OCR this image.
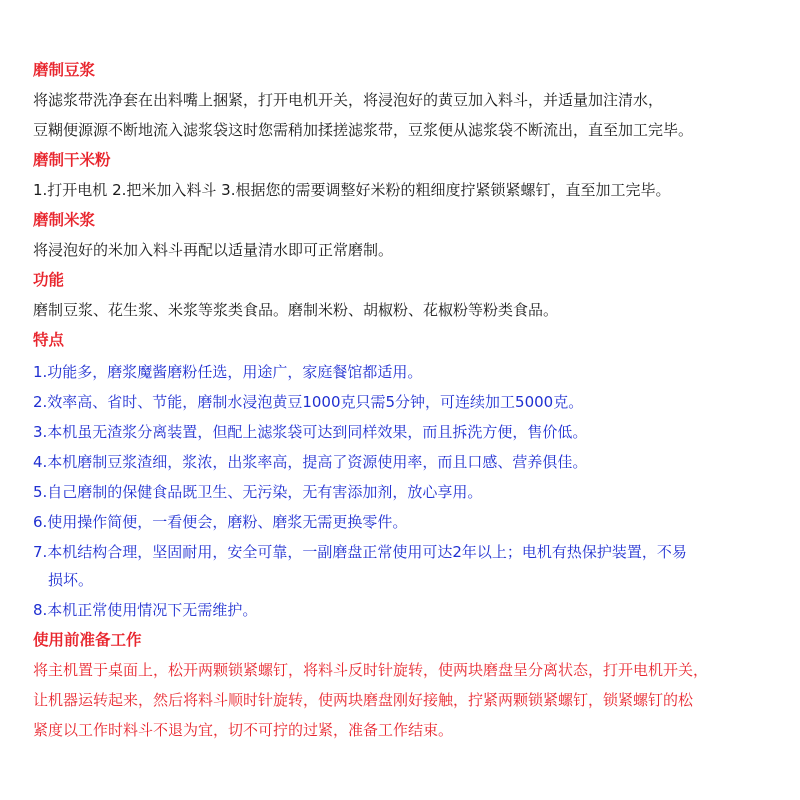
磨制豆浆
将滤浆带洗净套在出料嘴上捆紧，打开电机开关，将浸泡好的黄豆加入料斗，并适量加注清水，
豆糊便源源不断地流入滤浆袋这时您需稍加揉搓滤浆带，豆浆便从滤浆袋不断流出，直至加工完毕。
磨制干米粉
1.打开电机 2.把米加入料斗 3.根据您的需要调整好米粉的粗细度拧紧锁紧螺钉，直至加工完毕。
磨制米浆
将浸泡好的米加入料斗再配以适量清水即可正常磨制。
功能
磨制豆浆、花生浆、米浆等浆类食品。磨制米粉、胡椒粉、花椒粉等粉类食品。
特点
1.功能多，磨浆魔酱磨粉任选，用途广，家庭餐馆都适用。
2.效率高、省时、节能，磨制水浸泡黄豆1000克只需5分钟，可连续加工5000克。
3.本机虽无渣浆分离装置，但配上滤浆袋可达到同样效果，而且拆洗方便，售价低。
4.本机磨制豆浆渣细，浆浓，出浆率高，提高了资源使用率，而且口感、营养俱佳。
5.自己磨制的保健食品既卫生、无污染，无有害添加剂，放心享用。
6.使用操作简便，一看便会，磨粉、磨浆无需更换零件。
7.本机结构合理，坚固耐用，安全可靠，一副磨盘正常使用可达2年以上；电机有热保护装置，不易
损坏。
8.本机正常使用情况下无需维护。
使用前准备工作
将主机置于桌面上，松开两颗锁紧螺钉，将料斗反时针旋转，使两块磨盘呈分离状态，打开电机开关，
让机器运转起来，然后将料斗顺时针旋转，使两块磨盘刚好接触，拧紧两颗锁紧螺钉，锁紧螺钉的松
紧度以工作时料斗不退为宜，切不可拧的过紧，准备工作结束。
